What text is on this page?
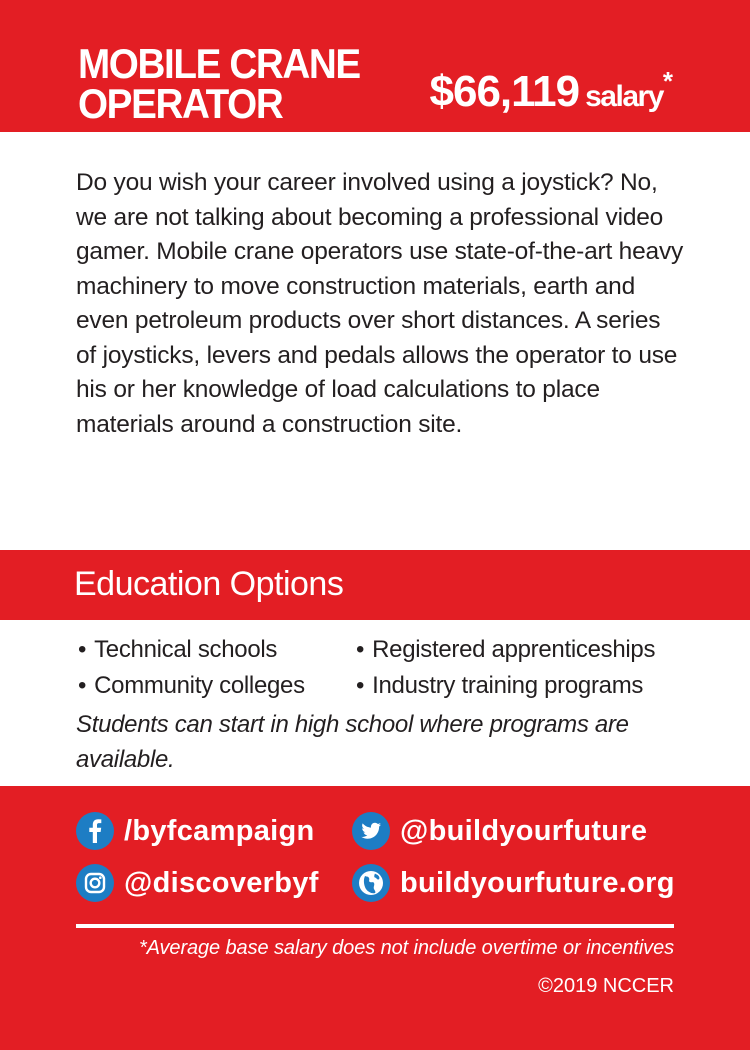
MOBILE CRANE
OPERATOR	$66,119 salary*

Do you wish your career involved using a joystick? No, we are not talking about becoming a professional video gamer. Mobile crane operators use state-of-the-art heavy machinery to move construction materials, earth and even petroleum products over short distances. A series of joysticks, levers and pedals allows the operator to use his or her knowledge of load calculations to place materials around a construction site.

Education Options
• Technical schools	• Registered apprenticeships
• Community colleges	• Industry training programs

Students can start in high school where programs are available.

/byfcampaign	@buildyourfuture
@discoverbyf	buildyourfuture.org
*Average base salary does not include overtime or incentives
©2019 NCCER
